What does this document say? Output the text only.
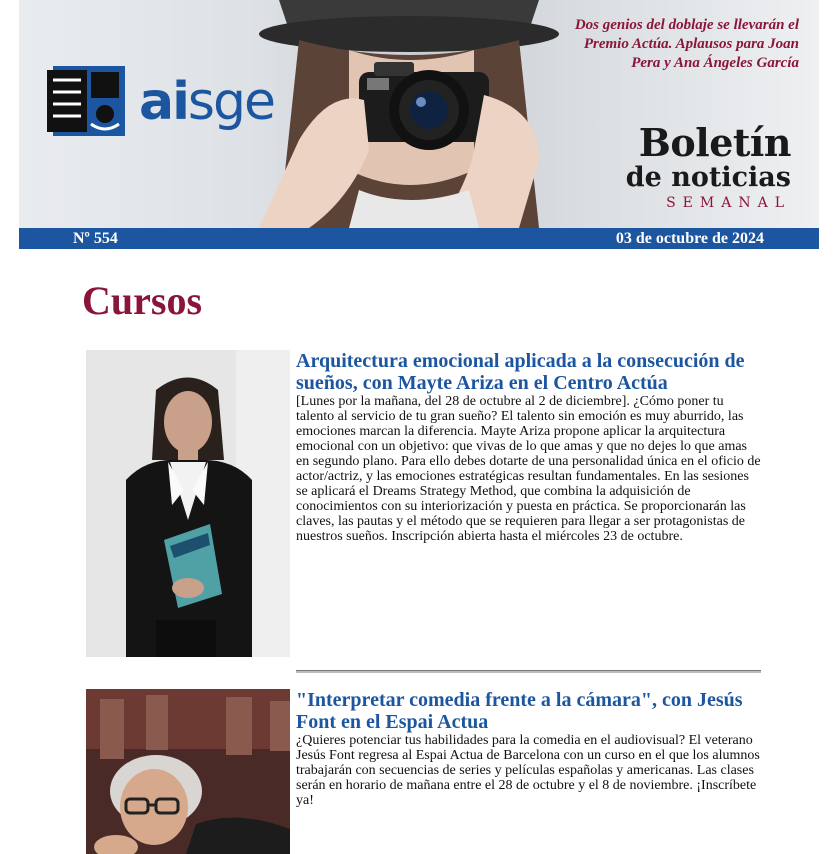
aisge
Dos genios del doblaje se llevarán el Premio Actúa. Aplausos para Joan Pera y Ana Ángeles García
Boletín
de noticias
SEMANAL
Nº 554	03 de octubre de 2024
Cursos
Arquitectura emocional aplicada a la consecución de sueños, con Mayte Ariza en el Centro Actúa

[Lunes por la mañana, del 28 de octubre al 2 de diciembre]. ¿Cómo poner tu talento al servicio de tu gran sueño? El talento sin emoción es muy aburrido, las emociones marcan la diferencia. Mayte Ariza propone aplicar la arquitectura emocional con un objetivo: que vivas de lo que amas y que no dejes lo que amas en segundo plano. Para ello debes dotarte de una personalidad única en el oficio de actor/actriz, y las emociones estratégicas resultan fundamentales. En las sesiones se aplicará el Dreams Strategy Method, que combina la adquisición de conocimientos con su interiorización y puesta en práctica. Se proporcionarán las claves, las pautas y el método que se requieren para llegar a ser protagonistas de nuestros sueños. Inscripción abierta hasta el miércoles 23 de octubre.

"Interpretar comedia frente a la cámara", con Jesús Font en el Espai Actua

¿Quieres potenciar tus habilidades para la comedia en el audiovisual? El veterano Jesús Font regresa al Espai Actua de Barcelona con un curso en el que los alumnos trabajarán con secuencias de series y películas españolas y americanas. Las clases serán en horario de mañana entre el 28 de octubre y el 8 de noviembre. ¡Inscríbete ya!
